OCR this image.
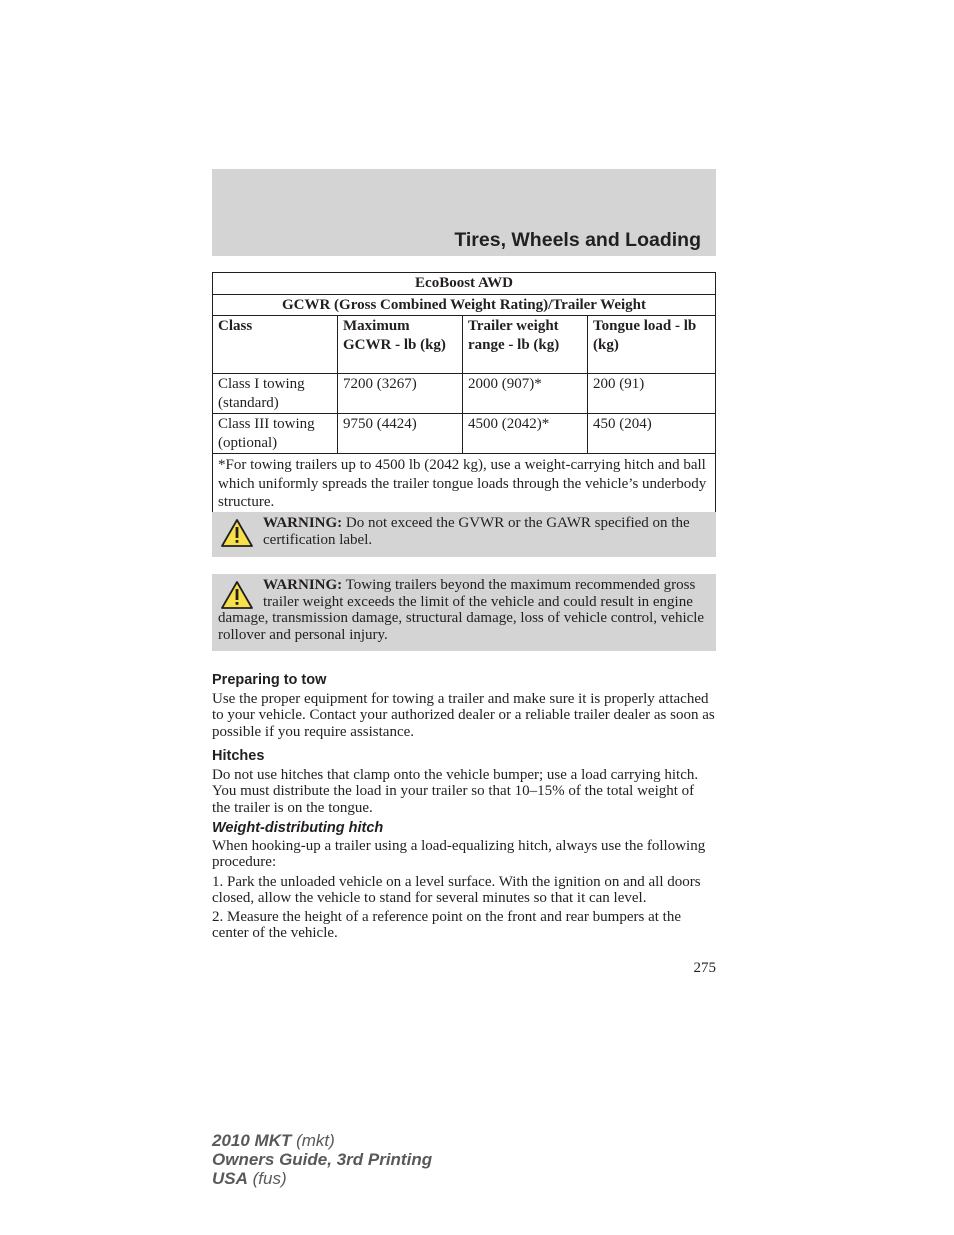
Tires, Wheels and Loading
EcoBoost AWD			
GCWR (Gross Combined Weight Rating)/Trailer Weight			
Class	Maximum GCWR - lb (kg)	Trailer weight range - lb (kg)	Tongue load - lb (kg)
Class I towing (standard)	7200 (3267)	2000 (907)*	200 (91)
Class III towing (optional)	9750 (4424)	4500 (2042)*	450 (204)
*For towing trailers up to 4500 lb (2042 kg), use a weight-carrying hitch and ball which uniformly spreads the trailer tongue loads through the vehicle’s underbody structure.			
WARNING: Do not exceed the GVWR or the GAWR specified on the certification label.
WARNING: Towing trailers beyond the maximum recommended gross trailer weight exceeds the limit of the vehicle and could result in engine damage, transmission damage, structural damage, loss of vehicle control, vehicle rollover and personal injury.
Preparing to tow

Use the proper equipment for towing a trailer and make sure it is properly attached to your vehicle. Contact your authorized dealer or a reliable trailer dealer as soon as possible if you require assistance.

Hitches

Do not use hitches that clamp onto the vehicle bumper; use a load carrying hitch. You must distribute the load in your trailer so that 10–15% of the total weight of the trailer is on the tongue.

Weight-distributing hitch

When hooking-up a trailer using a load-equalizing hitch, always use the following procedure:

1. Park the unloaded vehicle on a level surface. With the ignition on and all doors closed, allow the vehicle to stand for several minutes so that it can level.

2. Measure the height of a reference point on the front and rear bumpers at the center of the vehicle.

275
2010 MKT (mkt)
Owners Guide, 3rd Printing
USA (fus)
